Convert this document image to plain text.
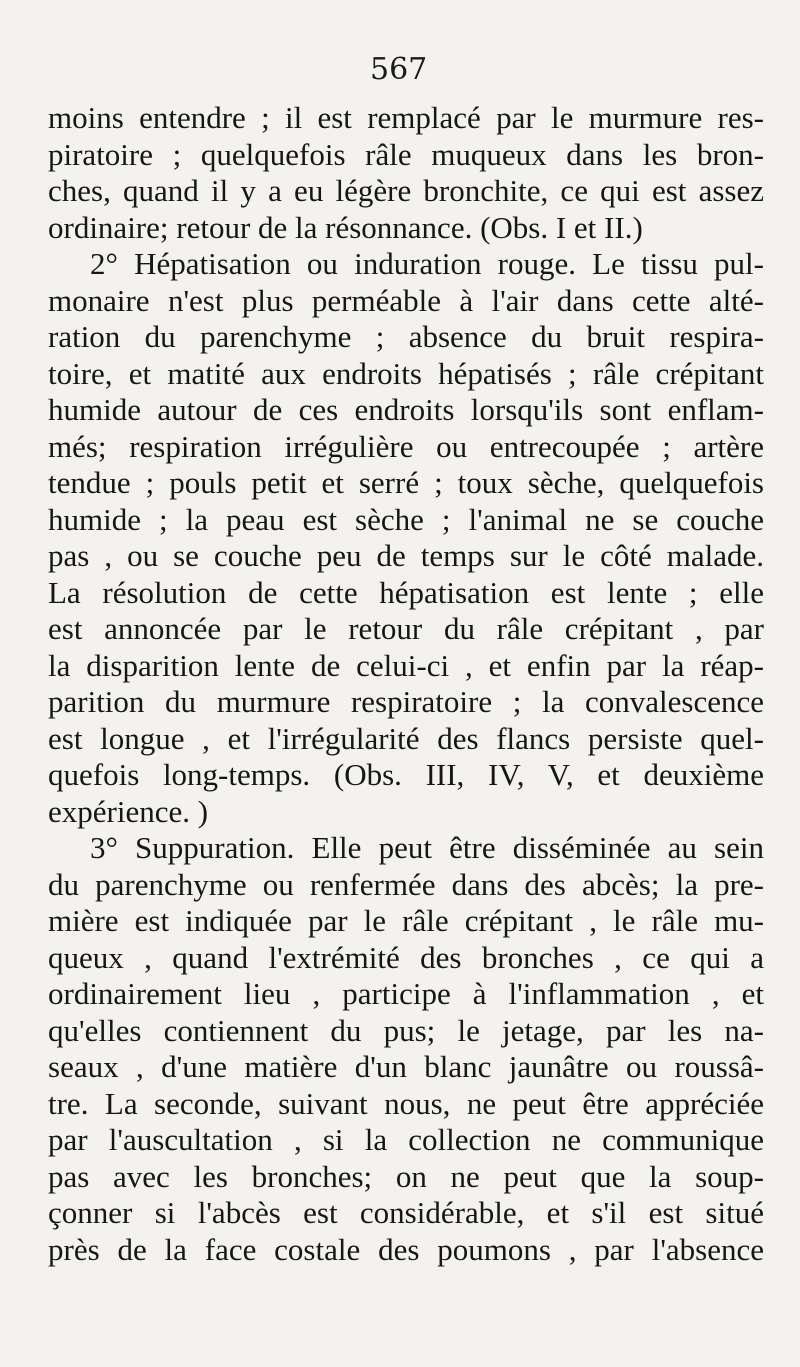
567
moins entendre ; il est remplacé par le murmure res-
piratoire ; quelquefois râle muqueux dans les bron-
ches, quand il y a eu légère bronchite, ce qui est assez
ordinaire; retour de la résonnance. (Obs. I et II.)
2° Hépatisation ou induration rouge. Le tissu pul-
monaire n'est plus perméable à l'air dans cette alté-
ration du parenchyme ; absence du bruit respira-
toire, et matité aux endroits hépatisés ; râle crépitant
humide autour de ces endroits lorsqu'ils sont enflam-
més; respiration irrégulière ou entrecoupée ; artère
tendue ; pouls petit et serré ; toux sèche, quelquefois
humide ; la peau est sèche ; l'animal ne se couche
pas , ou se couche peu de temps sur le côté malade.
La résolution de cette hépatisation est lente ; elle
est annoncée par le retour du râle crépitant , par
la disparition lente de celui-ci , et enfin par la réap-
parition du murmure respiratoire ; la convalescence
est longue , et l'irrégularité des flancs persiste quel-
quefois long-temps. (Obs. III, IV, V, et deuxième
expérience. )
3° Suppuration. Elle peut être disséminée au sein
du parenchyme ou renfermée dans des abcès; la pre-
mière est indiquée par le râle crépitant , le râle mu-
queux , quand l'extrémité des bronches , ce qui a
ordinairement lieu , participe à l'inflammation , et
qu'elles contiennent du pus; le jetage, par les na-
seaux , d'une matière d'un blanc jaunâtre ou roussâ-
tre. La seconde, suivant nous, ne peut être appréciée
par l'auscultation , si la collection ne communique
pas avec les bronches; on ne peut que la soup-
çonner si l'abcès est considérable, et s'il est situé
près de la face costale des poumons , par l'absence
